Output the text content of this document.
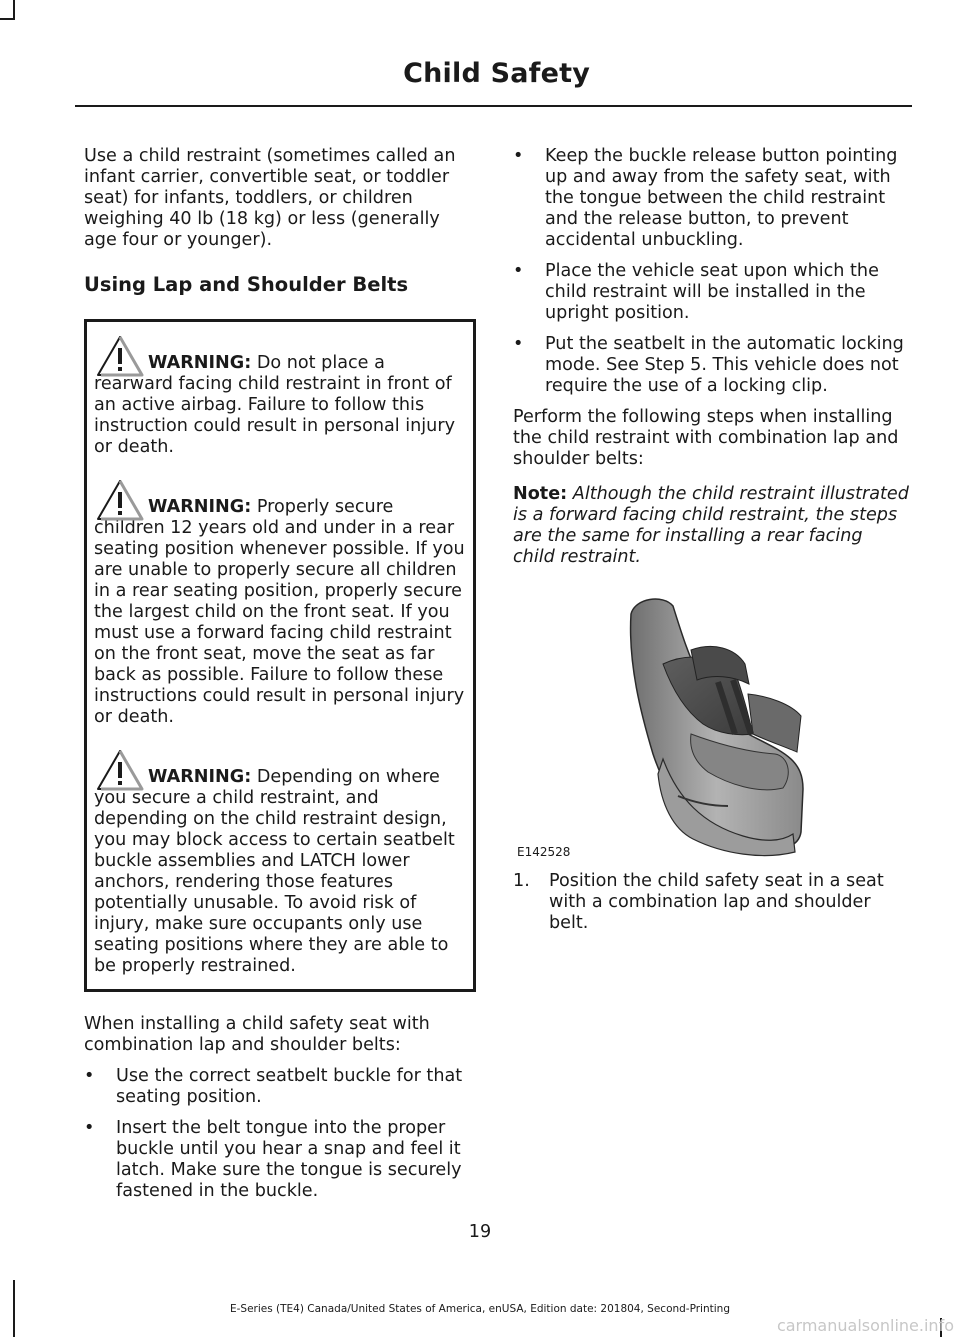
Child Safety

Use a child restraint (sometimes called an infant carrier, convertible seat, or toddler seat) for infants, toddlers, or children weighing 40 lb (18 kg) or less (generally age four or younger).

Using Lap and Shoulder Belts
WARNING: Do not place a rearward facing child restraint in front of an active airbag. Failure to follow this instruction could result in personal injury or death.
WARNING: Properly secure children 12 years old and under in a rear seating position whenever possible. If you are unable to properly secure all children in a rear seating position, properly secure the largest child on the front seat. If you must use a forward facing child restraint on the front seat, move the seat as far back as possible. Failure to follow these instructions could result in personal injury or death.
WARNING: Depending on where you secure a child restraint, and depending on the child restraint design, you may block access to certain seatbelt buckle assemblies and LATCH lower anchors, rendering those features potentially unusable. To avoid risk of injury, make sure occupants only use seating positions where they are able to be properly restrained.

When installing a child safety seat with combination lap and shoulder belts:

• Use the correct seatbelt buckle for that seating position.
• Insert the belt tongue into the proper buckle until you hear a snap and feel it latch. Make sure the tongue is securely fastened in the buckle.
• Keep the buckle release button pointing up and away from the safety seat, with the tongue between the child restraint and the release button, to prevent accidental unbuckling.
• Place the vehicle seat upon which the child restraint will be installed in the upright position.
• Put the seatbelt in the automatic locking mode. See Step 5. This vehicle does not require the use of a locking clip.

Perform the following steps when installing the child restraint with combination lap and shoulder belts:

Note: Although the child restraint illustrated is a forward facing child restraint, the steps are the same for installing a rear facing child restraint.

E142528
1. Position the child safety seat in a seat with a combination lap and shoulder belt.
19
E-Series (TE4) Canada/United States of America, enUSA, Edition date: 201804, Second-Printing
carmanualsonline.info
